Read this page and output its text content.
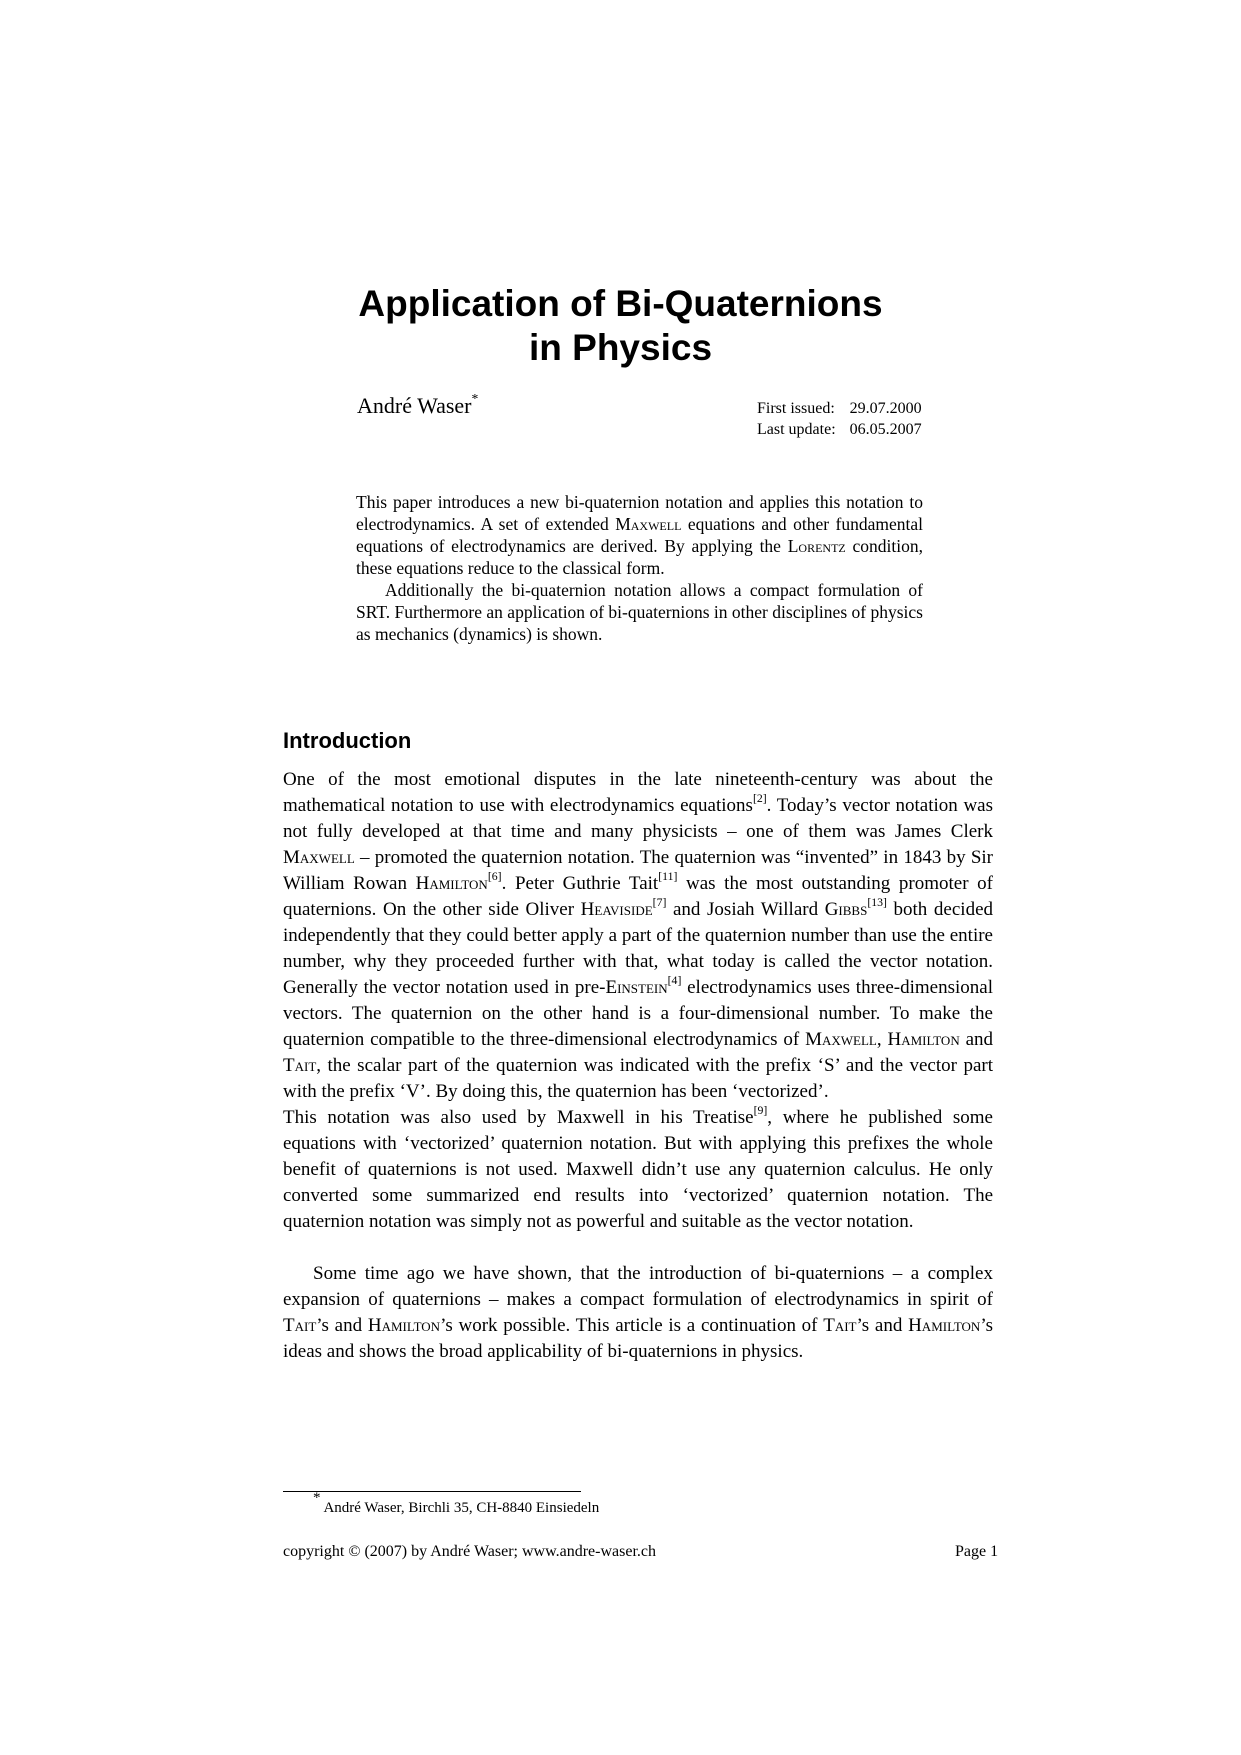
Application of Bi-Quaternions
in Physics
André Waser*
First issued:	29.07.2000
Last update:	06.05.2007

This paper introduces a new bi-quaternion notation and applies this notation to electrodynamics. A set of extended Maxwell equations and other fundamental equations of electrodynamics are derived. By applying the Lorentz condition, these equations reduce to the classical form.

Additionally the bi-quaternion notation allows a compact formulation of SRT. Furthermore an application of bi-quaternions in other disciplines of physics as mechanics (dynamics) is shown.

Introduction

One of the most emotional disputes in the late nineteenth-century was about the mathematical notation to use with electrodynamics equations[2]. Today’s vector notation was not fully developed at that time and many physicists – one of them was James Clerk Maxwell – promoted the quaternion notation. The quaternion was “invented” in 1843 by Sir William Rowan Hamilton[6]. Peter Guthrie Tait[11] was the most outstanding promoter of quaternions. On the other side Oliver Heaviside[7] and Josiah Willard Gibbs[13] both decided independently that they could better apply a part of the quaternion number than use the entire number, why they proceeded further with that, what today is called the vector notation. Generally the vector notation used in pre-Einstein[4] electrodynamics uses three-dimensional vectors. The quaternion on the other hand is a four-dimensional number. To make the quaternion compatible to the three-dimensional electrodynamics of Maxwell, Hamilton and Tait, the scalar part of the quaternion was indicated with the prefix ‘S’ and the vector part with the prefix ‘V’. By doing this, the quaternion has been ‘vectorized’.

This notation was also used by Maxwell in his Treatise[9], where he published some equations with ‘vectorized’ quaternion notation. But with applying this prefixes the whole benefit of quaternions is not used. Maxwell didn’t use any quaternion calculus. He only converted some summarized end results into ‘vectorized’ quaternion notation. The quaternion notation was simply not as powerful and suitable as the vector notation.

Some time ago we have shown, that the introduction of bi-quaternions – a complex expansion of quaternions – makes a compact formulation of electrodynamics in spirit of Tait’s and Hamilton’s work possible. This article is a continuation of Tait’s and Hamilton’s ideas and shows the broad applicability of bi-quaternions in physics.

* André Waser, Birchli 35, CH-8840 Einsiedeln
copyright © (2007) by André Waser; www.andre-waser.ch	Page 1
